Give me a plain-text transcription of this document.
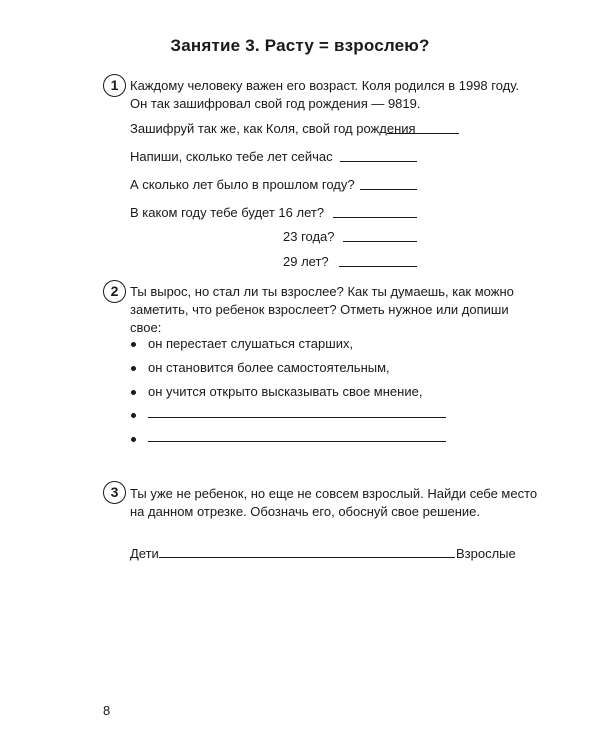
Занятие 3. Расту = взрослею?
1 Каждому человеку важен его возраст. Коля родился в 1998 году.
Он так зашифровал свой год рождения — 9819.
Зашифруй так же, как Коля, свой год рождения
Напиши, сколько тебе лет сейчас
А сколько лет было в прошлом году?
В каком году тебе будет 16 лет?
23 года?
29 лет?
2 Ты вырос, но стал ли ты взрослее? Как ты думаешь, как можно
заметить, что ребенок взрослеет? Отметь нужное или допиши
свое:
он перестает слушаться старших,
он становится более самостоятельным,
он учится открыто высказывать свое мнение,
3 Ты уже не ребенок, но еще не совсем взрослый. Найди себе место
на данном отрезке. Обозначь его, обоснуй свое решение.
Дети	Взрослые
8
